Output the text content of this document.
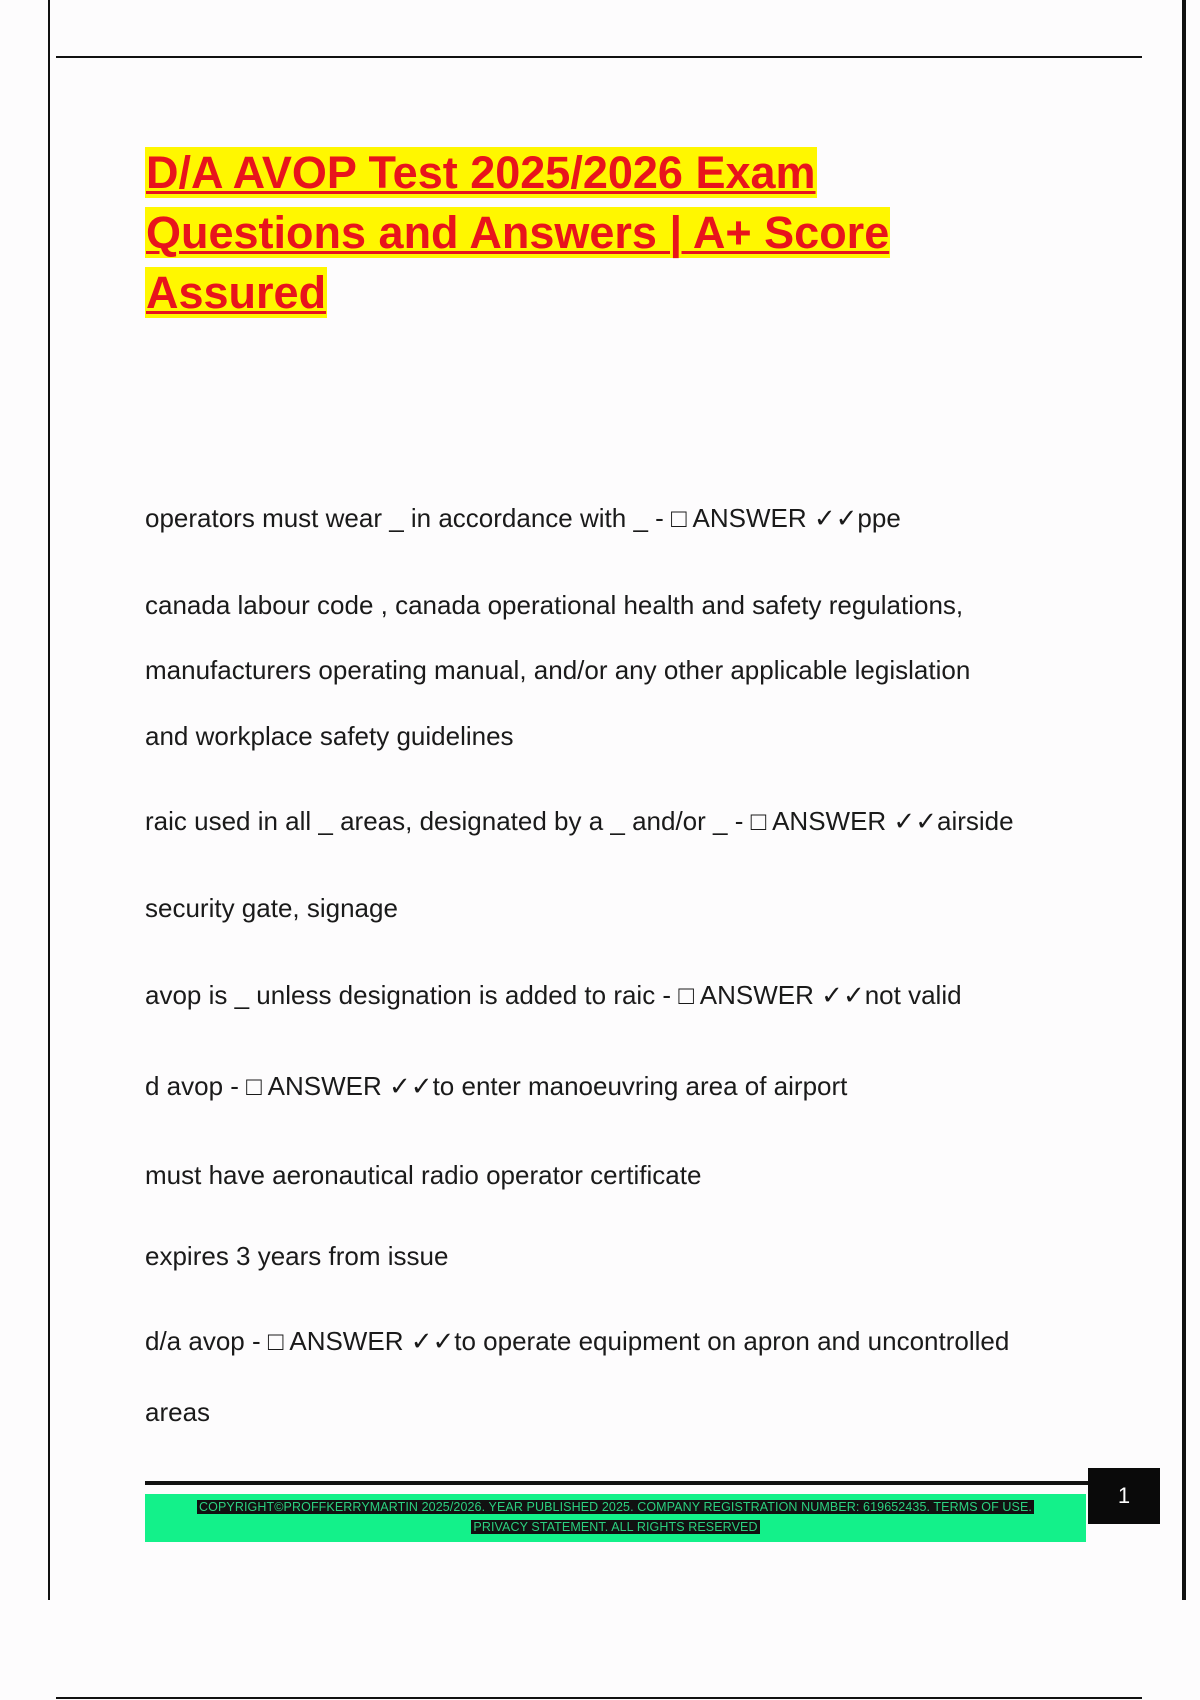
D/A AVOP Test 2025/2026 Exam
Questions and Answers | A+ Score
Assured

operators must wear _ in accordance with _ - □ ANSWER ✓✓ppe

canada labour code , canada operational health and safety regulations,

manufacturers operating manual, and/or any other applicable legislation

and workplace safety guidelines

raic used in all _ areas, designated by a _ and/or _ - □ ANSWER ✓✓airside

security gate, signage

avop is _ unless designation is added to raic - □ ANSWER ✓✓not valid

d avop - □ ANSWER ✓✓to enter manoeuvring area of airport

must have aeronautical radio operator certificate

expires 3 years from issue

d/a avop - □ ANSWER ✓✓to operate equipment on apron and uncontrolled

areas

COPYRIGHT©PROFFKERRYMARTIN 2025/2026. YEAR PUBLISHED 2025. COMPANY REGISTRATION NUMBER: 619652435. TERMS OF USE.
PRIVACY STATEMENT. ALL RIGHTS RESERVED
1
